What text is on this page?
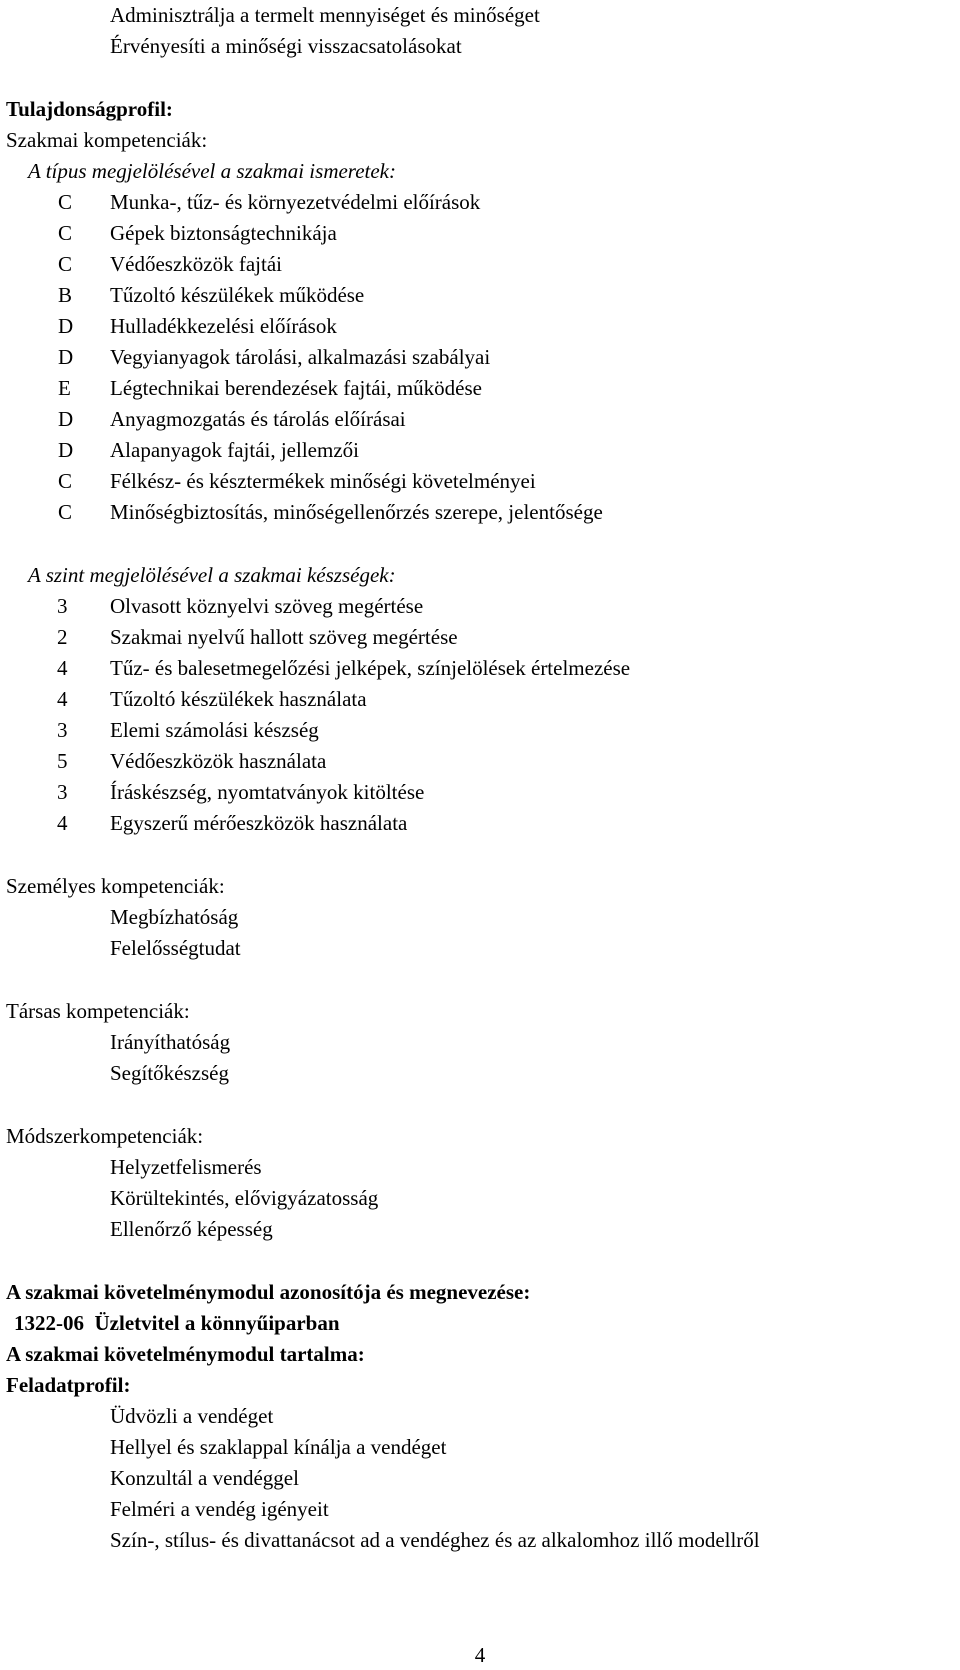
Adminisztrálja a termelt mennyiséget és minőséget
Érvényesíti a minőségi visszacsatolásokat
Tulajdonságprofil:
Szakmai kompetenciák:
A típus megjelölésével a szakmai ismeretek:
C	Munka-, tűz- és környezetvédelmi előírások
C	Gépek biztonságtechnikája
C	Védőeszközök fajtái
B	Tűzoltó készülékek működése
D	Hulladékkezelési előírások
D	Vegyianyagok tárolási, alkalmazási szabályai
E	Légtechnikai berendezések fajtái, működése
D	Anyagmozgatás és tárolás előírásai
D	Alapanyagok fajtái, jellemzői
C	Félkész- és késztermékek minőségi követelményei
C	Minőségbiztosítás, minőségellenőrzés szerepe, jelentősége
A szint megjelölésével a szakmai készségek:
3	Olvasott köznyelvi szöveg megértése
2	Szakmai nyelvű hallott szöveg megértése
4	Tűz- és balesetmegelőzési jelképek, színjelölések értelmezése
4	Tűzoltó készülékek használata
3	Elemi számolási készség
5	Védőeszközök használata
3	Íráskészség, nyomtatványok kitöltése
4	Egyszerű mérőeszközök használata
Személyes kompetenciák:
Megbízhatóság
Felelősségtudat
Társas kompetenciák:
Irányíthatóság
Segítőkészség
Módszerkompetenciák:
Helyzetfelismerés
Körültekintés, elővigyázatosság
Ellenőrző képesség
A szakmai követelménymodul azonosítója és megnevezése:
1322-06  Üzletvitel a könnyűiparban
A szakmai követelménymodul tartalma:
Feladatprofil:
Üdvözli a vendéget
Hellyel és szaklappal kínálja a vendéget
Konzultál a vendéggel
Felméri a vendég igényeit
Szín-, stílus- és divattanácsot ad a vendéghez és az alkalomhoz illő modellről
4
